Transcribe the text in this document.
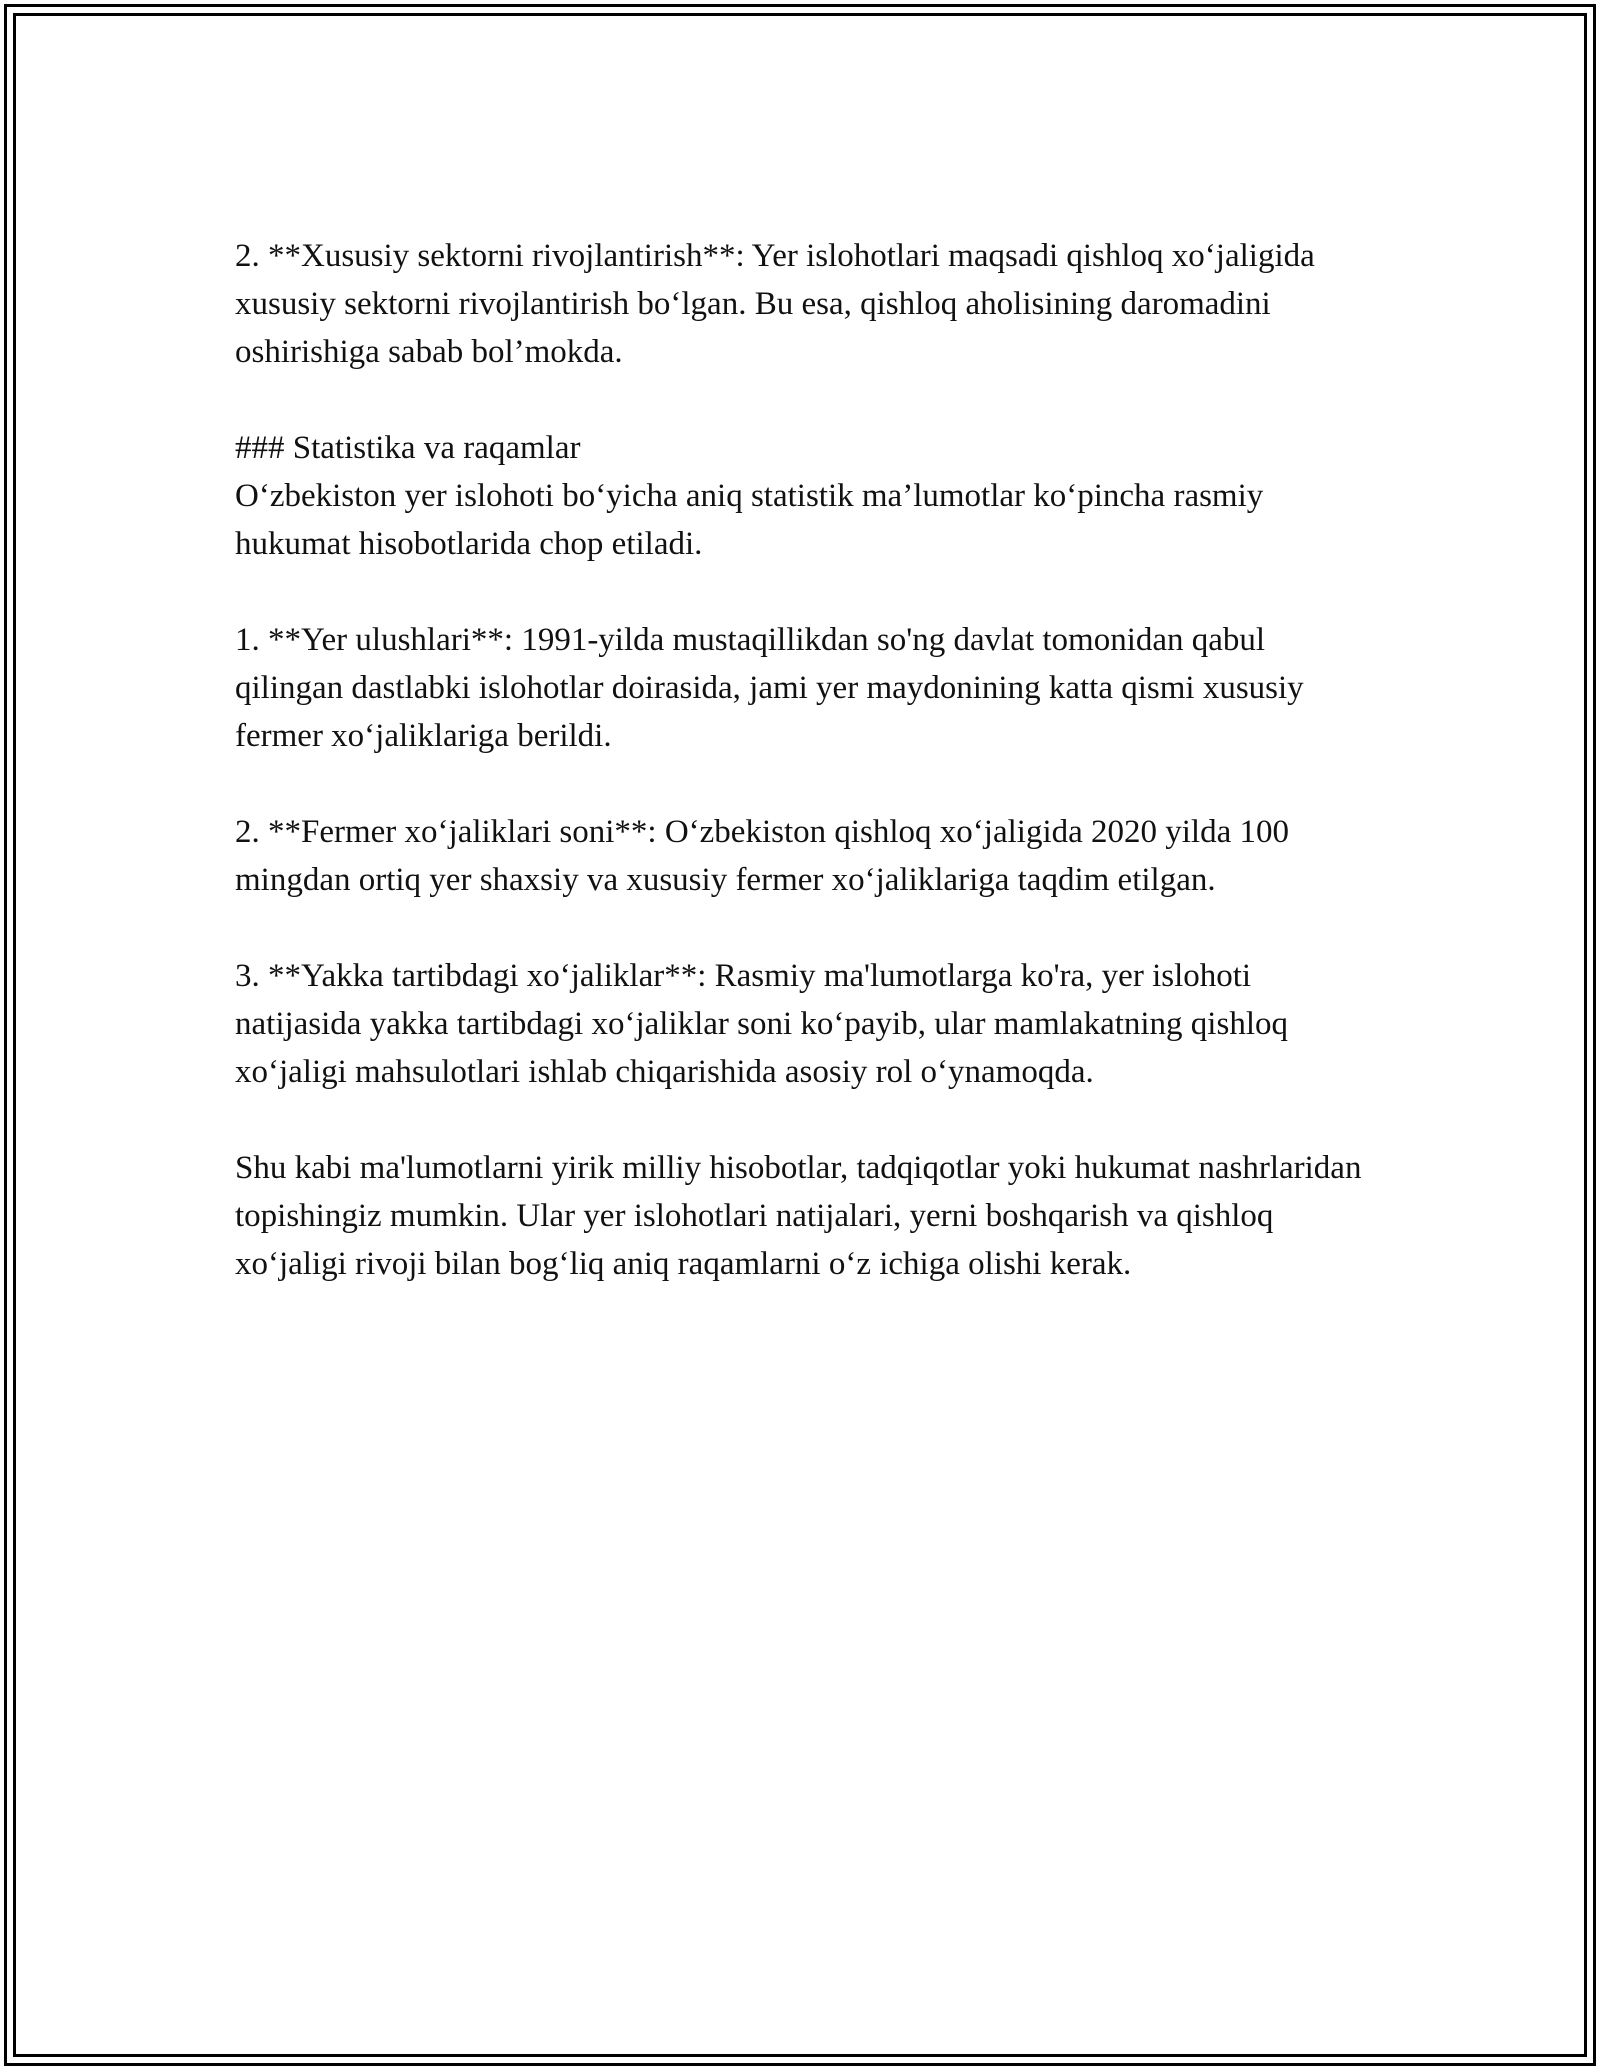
2. **Xususiy sektorni rivojlantirish**: Yer islohotlari maqsadi qishloq xo‘jaligida xususiy sektorni rivojlantirish bo‘lgan. Bu esa, qishloq aholisining daromadini oshirishiga sabab bol’mokda.

### Statistika va raqamlar

O‘zbekiston yer islohoti bo‘yicha aniq statistik ma’lumotlar ko‘pincha rasmiy hukumat hisobotlarida chop etiladi.

1. **Yer ulushlari**: 1991-yilda mustaqillikdan so'ng davlat tomonidan qabul qilingan dastlabki islohotlar doirasida, jami yer maydonining katta qismi xususiy fermer xo‘jaliklariga berildi.

2. **Fermer xo‘jaliklari soni**: O‘zbekiston qishloq xo‘jaligida 2020 yilda 100 mingdan ortiq yer shaxsiy va xususiy fermer xo‘jaliklariga taqdim etilgan.

3. **Yakka tartibdagi xo‘jaliklar**: Rasmiy ma'lumotlarga ko'ra, yer islohoti natijasida yakka tartibdagi xo‘jaliklar soni ko‘payib, ular mamlakatning qishloq xo‘jaligi mahsulotlari ishlab chiqarishida asosiy rol o‘ynamoqda.

Shu kabi ma'lumotlarni yirik milliy hisobotlar, tadqiqotlar yoki hukumat nashrlaridan topishingiz mumkin. Ular yer islohotlari natijalari, yerni boshqarish va qishloq xo‘jaligi rivoji bilan bog‘liq aniq raqamlarni o‘z ichiga olishi kerak.
